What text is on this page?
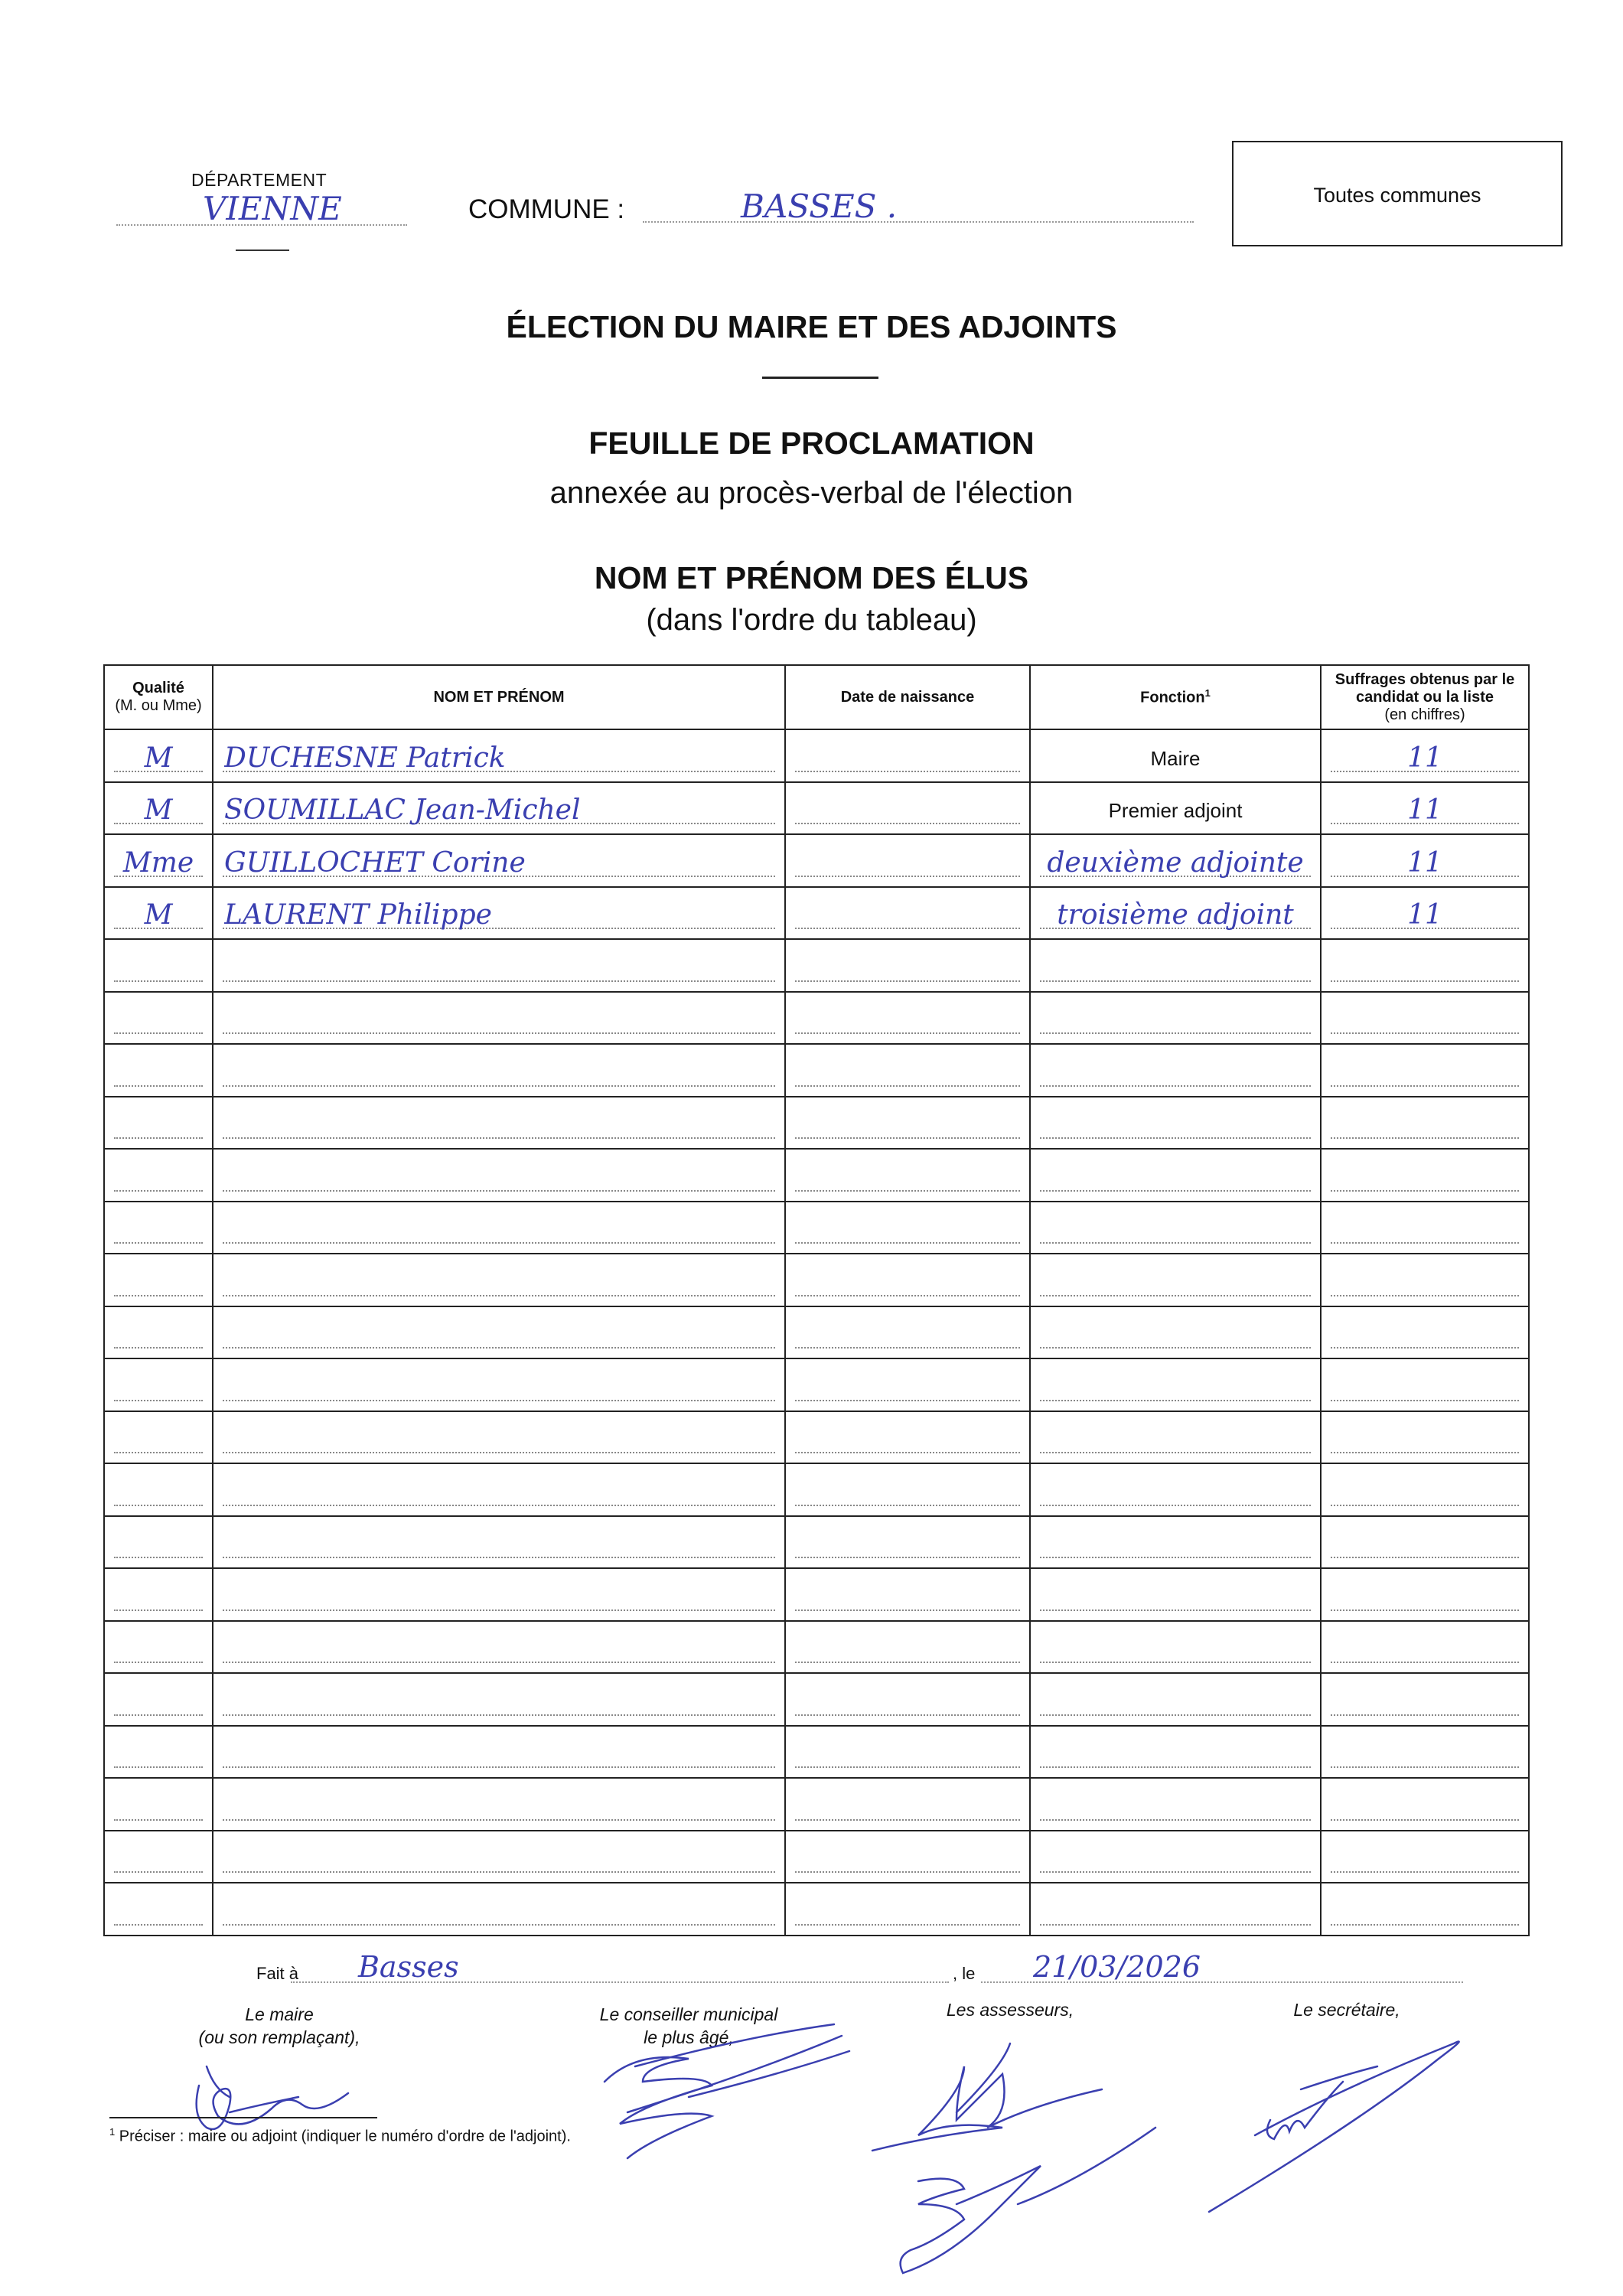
DÉPARTEMENT
VIENNE	COMMUNE :	BASSES .	Toutes communes
ÉLECTION DU MAIRE ET DES ADJOINTS
FEUILLE DE PROCLAMATION
annexée au procès-verbal de l'élection
NOM ET PRÉNOM DES ÉLUS
(dans l'ordre du tableau)
Qualité
(M. ou Mme)	NOM ET PRÉNOM	Date de naissance	Fonction$^1$	Suffrages obtenus par le candidat ou la liste
(en chiffres)

M	DUCHESNE Patrick		Maire	11

M	SOUMILLAC Jean-Michel		Premier adjoint	11

Mme	GUILLOCHET Corine		deuxième adjointe	11

M	LAURENT Philippe		troisième adjoint	11

Fait à Basses	, le 21/03/2026
Le maire
(ou son remplaçant),
Le conseiller municipal
le plus âgé,
Les assesseurs,	Le secrétaire,
$^1$ Préciser : maire ou adjoint (indiquer le numéro d'ordre de l'adjoint).
